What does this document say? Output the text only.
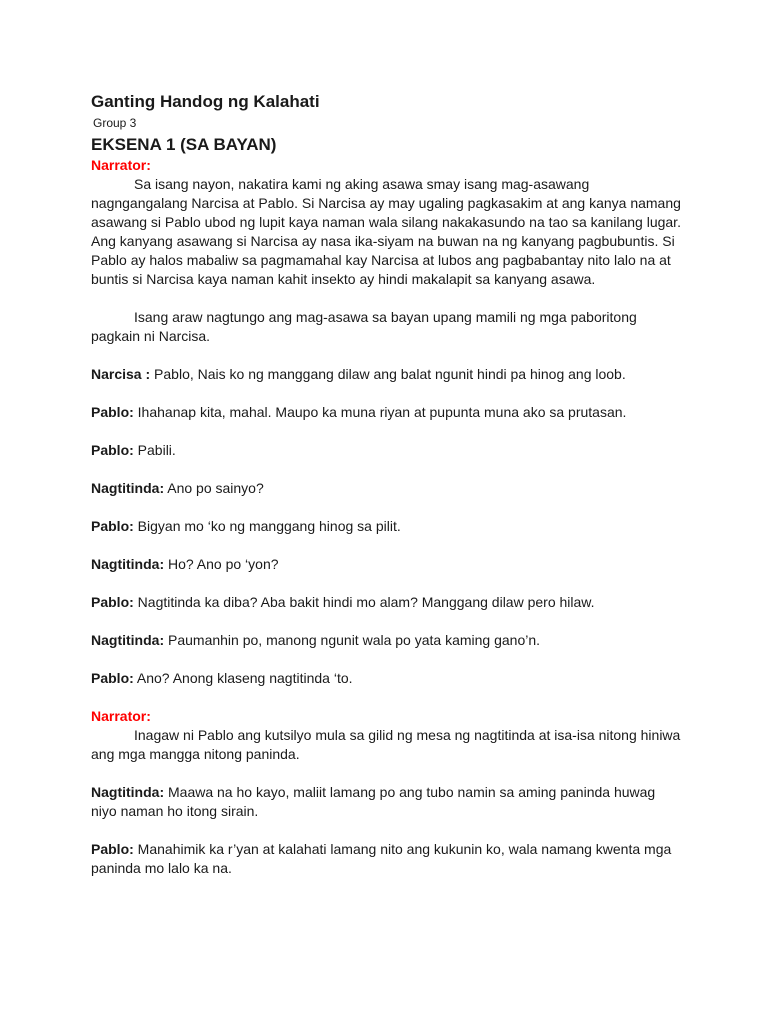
Ganting Handog ng Kalahati
Group 3
EKSENA 1 (SA BAYAN)
Narrator:

Sa isang nayon, nakatira kami ng aking asawa smay isang mag-asawang nagngangalang Narcisa at Pablo. Si Narcisa ay may ugaling pagkasakim at ang kanya namang asawang si Pablo ubod ng lupit kaya naman wala silang nakakasundo na tao sa kanilang lugar. Ang kanyang asawang si Narcisa ay nasa ika-siyam na buwan na ng kanyang pagbubuntis. Si Pablo ay halos mabaliw sa pagmamahal kay Narcisa at lubos ang pagbabantay nito lalo na at buntis si Narcisa kaya naman kahit insekto ay hindi makalapit sa kanyang asawa.

Isang araw nagtungo ang mag-asawa sa bayan upang mamili ng mga paboritong pagkain ni Narcisa.

Narcisa : Pablo, Nais ko ng manggang dilaw ang balat ngunit hindi pa hinog ang loob.

Pablo: Ihahanap kita, mahal. Maupo ka muna riyan at pupunta muna ako sa prutasan.

Pablo: Pabili.

Nagtitinda: Ano po sainyo?

Pablo: Bigyan mo ‘ko ng manggang hinog sa pilit.

Nagtitinda: Ho? Ano po ‘yon?

Pablo: Nagtitinda ka diba? Aba bakit hindi mo alam? Manggang dilaw pero hilaw.

Nagtitinda: Paumanhin po, manong ngunit wala po yata kaming gano’n.

Pablo: Ano? Anong klaseng nagtitinda ‘to.

Narrator:

Inagaw ni Pablo ang kutsilyo mula sa gilid ng mesa ng nagtitinda at isa-isa nitong hiniwa ang mga mangga nitong paninda.

Nagtitinda: Maawa na ho kayo, maliit lamang po ang tubo namin sa aming paninda huwag niyo naman ho itong sirain.

Pablo: Manahimik ka r’yan at kalahati lamang nito ang kukunin ko, wala namang kwenta mga paninda mo lalo ka na.
